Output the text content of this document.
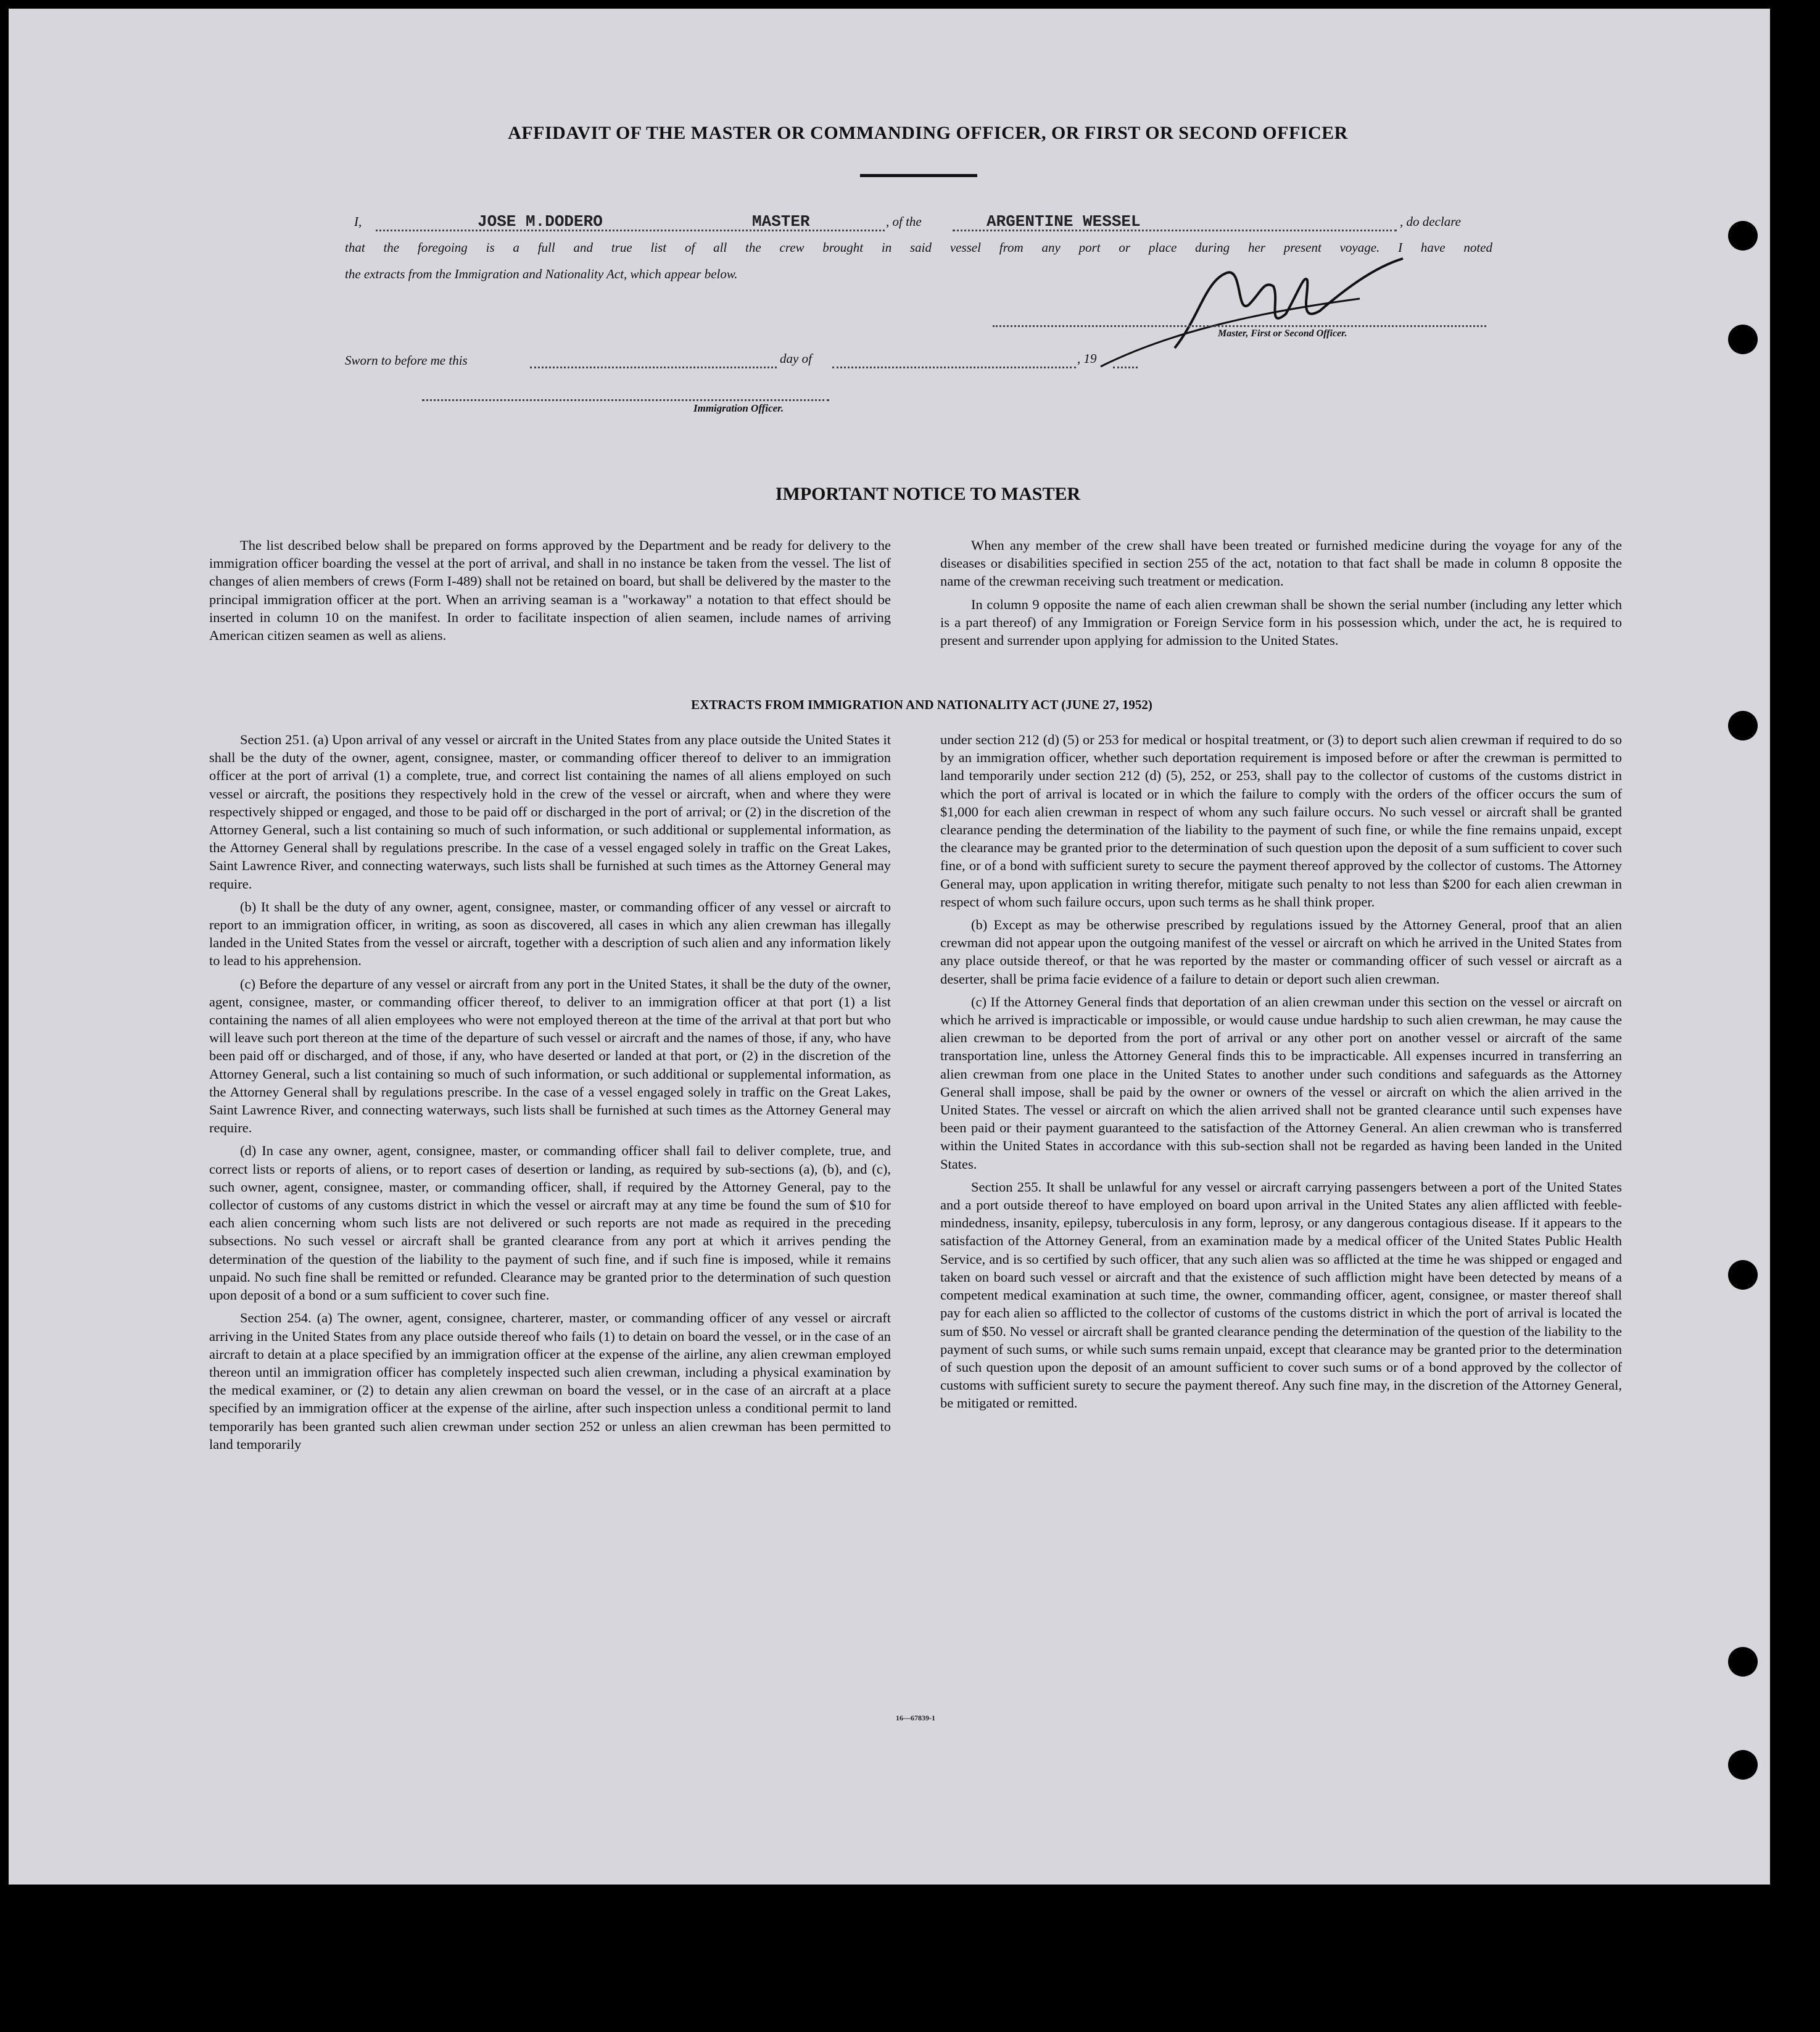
AFFIDAVIT OF THE MASTER OR COMMANDING OFFICER, OR FIRST OR SECOND OFFICER
I,	JOSE M.DODERO	MASTER	, of the	ARGENTINE WESSEL	, do declare
that the foregoing is a full and true list of all the crew brought in said vessel from any port or place during her present voyage. I have noted
the extracts from the Immigration and Nationality Act, which appear below.
Master, First or Second Officer.
Sworn to before me this	day of	, 19
Immigration Officer.
IMPORTANT NOTICE TO MASTER

The list described below shall be prepared on forms approved by the Department and be ready for delivery to the immigration officer boarding the vessel at the port of arrival, and shall in no instance be taken from the vessel. The list of changes of alien members of crews (Form I-489) shall not be retained on board, but shall be delivered by the master to the principal immigration officer at the port. When an arriving seaman is a "workaway" a notation to that effect should be inserted in column 10 on the manifest. In order to facilitate inspection of alien seamen, include names of arriving American citizen seamen as well as aliens.

When any member of the crew shall have been treated or furnished medicine during the voyage for any of the diseases or disabilities specified in section 255 of the act, notation to that fact shall be made in column 8 opposite the name of the crewman receiving such treatment or medication.

In column 9 opposite the name of each alien crewman shall be shown the serial number (including any letter which is a part thereof) of any Immigration or Foreign Service form in his possession which, under the act, he is required to present and surrender upon applying for admission to the United States.

EXTRACTS FROM IMMIGRATION AND NATIONALITY ACT (JUNE 27, 1952)

Section 251. (a) Upon arrival of any vessel or aircraft in the United States from any place outside the United States it shall be the duty of the owner, agent, consignee, master, or commanding officer thereof to deliver to an immigration officer at the port of arrival (1) a complete, true, and correct list containing the names of all aliens employed on such vessel or aircraft, the positions they respectively hold in the crew of the vessel or aircraft, when and where they were respectively shipped or engaged, and those to be paid off or discharged in the port of arrival; or (2) in the discretion of the Attorney General, such a list containing so much of such information, or such additional or supplemental information, as the Attorney General shall by regulations prescribe. In the case of a vessel engaged solely in traffic on the Great Lakes, Saint Lawrence River, and connecting waterways, such lists shall be furnished at such times as the Attorney General may require.

(b) It shall be the duty of any owner, agent, consignee, master, or commanding officer of any vessel or aircraft to report to an immigration officer, in writing, as soon as discovered, all cases in which any alien crewman has illegally landed in the United States from the vessel or aircraft, together with a description of such alien and any information likely to lead to his apprehension.

(c) Before the departure of any vessel or aircraft from any port in the United States, it shall be the duty of the owner, agent, consignee, master, or commanding officer thereof, to deliver to an immigration officer at that port (1) a list containing the names of all alien employees who were not employed thereon at the time of the arrival at that port but who will leave such port thereon at the time of the departure of such vessel or aircraft and the names of those, if any, who have been paid off or discharged, and of those, if any, who have deserted or landed at that port, or (2) in the discretion of the Attorney General, such a list containing so much of such information, or such additional or supplemental information, as the Attorney General shall by regulations prescribe. In the case of a vessel engaged solely in traffic on the Great Lakes, Saint Lawrence River, and connecting waterways, such lists shall be furnished at such times as the Attorney General may require.

(d) In case any owner, agent, consignee, master, or commanding officer shall fail to deliver complete, true, and correct lists or reports of aliens, or to report cases of desertion or landing, as required by sub-sections (a), (b), and (c), such owner, agent, consignee, master, or commanding officer, shall, if required by the Attorney General, pay to the collector of customs of any customs district in which the vessel or aircraft may at any time be found the sum of $10 for each alien concerning whom such lists are not delivered or such reports are not made as required in the preceding subsections. No such vessel or aircraft shall be granted clearance from any port at which it arrives pending the determination of the question of the liability to the payment of such fine, and if such fine is imposed, while it remains unpaid. No such fine shall be remitted or refunded. Clearance may be granted prior to the determination of such question upon deposit of a bond or a sum sufficient to cover such fine.

Section 254. (a) The owner, agent, consignee, charterer, master, or commanding officer of any vessel or aircraft arriving in the United States from any place outside thereof who fails (1) to detain on board the vessel, or in the case of an aircraft to detain at a place specified by an immigration officer at the expense of the airline, any alien crewman employed thereon until an immigration officer has completely inspected such alien crewman, including a physical examination by the medical examiner, or (2) to detain any alien crewman on board the vessel, or in the case of an aircraft at a place specified by an immigration officer at the expense of the airline, after such inspection unless a conditional permit to land temporarily has been granted such alien crewman under section 252 or unless an alien crewman has been permitted to land temporarily

under section 212 (d) (5) or 253 for medical or hospital treatment, or (3) to deport such alien crewman if required to do so by an immigration officer, whether such deportation requirement is imposed before or after the crewman is permitted to land temporarily under section 212 (d) (5), 252, or 253, shall pay to the collector of customs of the customs district in which the port of arrival is located or in which the failure to comply with the orders of the officer occurs the sum of $1,000 for each alien crewman in respect of whom any such failure occurs. No such vessel or aircraft shall be granted clearance pending the determination of the liability to the payment of such fine, or while the fine remains unpaid, except the clearance may be granted prior to the determination of such question upon the deposit of a sum sufficient to cover such fine, or of a bond with sufficient surety to secure the payment thereof approved by the collector of customs. The Attorney General may, upon application in writing therefor, mitigate such penalty to not less than $200 for each alien crewman in respect of whom such failure occurs, upon such terms as he shall think proper.

(b) Except as may be otherwise prescribed by regulations issued by the Attorney General, proof that an alien crewman did not appear upon the outgoing manifest of the vessel or aircraft on which he arrived in the United States from any place outside thereof, or that he was reported by the master or commanding officer of such vessel or aircraft as a deserter, shall be prima facie evidence of a failure to detain or deport such alien crewman.

(c) If the Attorney General finds that deportation of an alien crewman under this section on the vessel or aircraft on which he arrived is impracticable or impossible, or would cause undue hardship to such alien crewman, he may cause the alien crewman to be deported from the port of arrival or any other port on another vessel or aircraft of the same transportation line, unless the Attorney General finds this to be impracticable. All expenses incurred in transferring an alien crewman from one place in the United States to another under such conditions and safeguards as the Attorney General shall impose, shall be paid by the owner or owners of the vessel or aircraft on which the alien arrived in the United States. The vessel or aircraft on which the alien arrived shall not be granted clearance until such expenses have been paid or their payment guaranteed to the satisfaction of the Attorney General. An alien crewman who is transferred within the United States in accordance with this sub-section shall not be regarded as having been landed in the United States.

Section 255. It shall be unlawful for any vessel or aircraft carrying passengers between a port of the United States and a port outside thereof to have employed on board upon arrival in the United States any alien afflicted with feeble-mindedness, insanity, epilepsy, tuberculosis in any form, leprosy, or any dangerous contagious disease. If it appears to the satisfaction of the Attorney General, from an examination made by a medical officer of the United States Public Health Service, and is so certified by such officer, that any such alien was so afflicted at the time he was shipped or engaged and taken on board such vessel or aircraft and that the existence of such affliction might have been detected by means of a competent medical examination at such time, the owner, commanding officer, agent, consignee, or master thereof shall pay for each alien so afflicted to the collector of customs of the customs district in which the port of arrival is located the sum of $50. No vessel or aircraft shall be granted clearance pending the determination of the question of the liability to the payment of such sums, or while such sums remain unpaid, except that clearance may be granted prior to the determination of such question upon the deposit of an amount sufficient to cover such sums or of a bond approved by the collector of customs with sufficient surety to secure the payment thereof. Any such fine may, in the discretion of the Attorney General, be mitigated or remitted.

16—67839-1
